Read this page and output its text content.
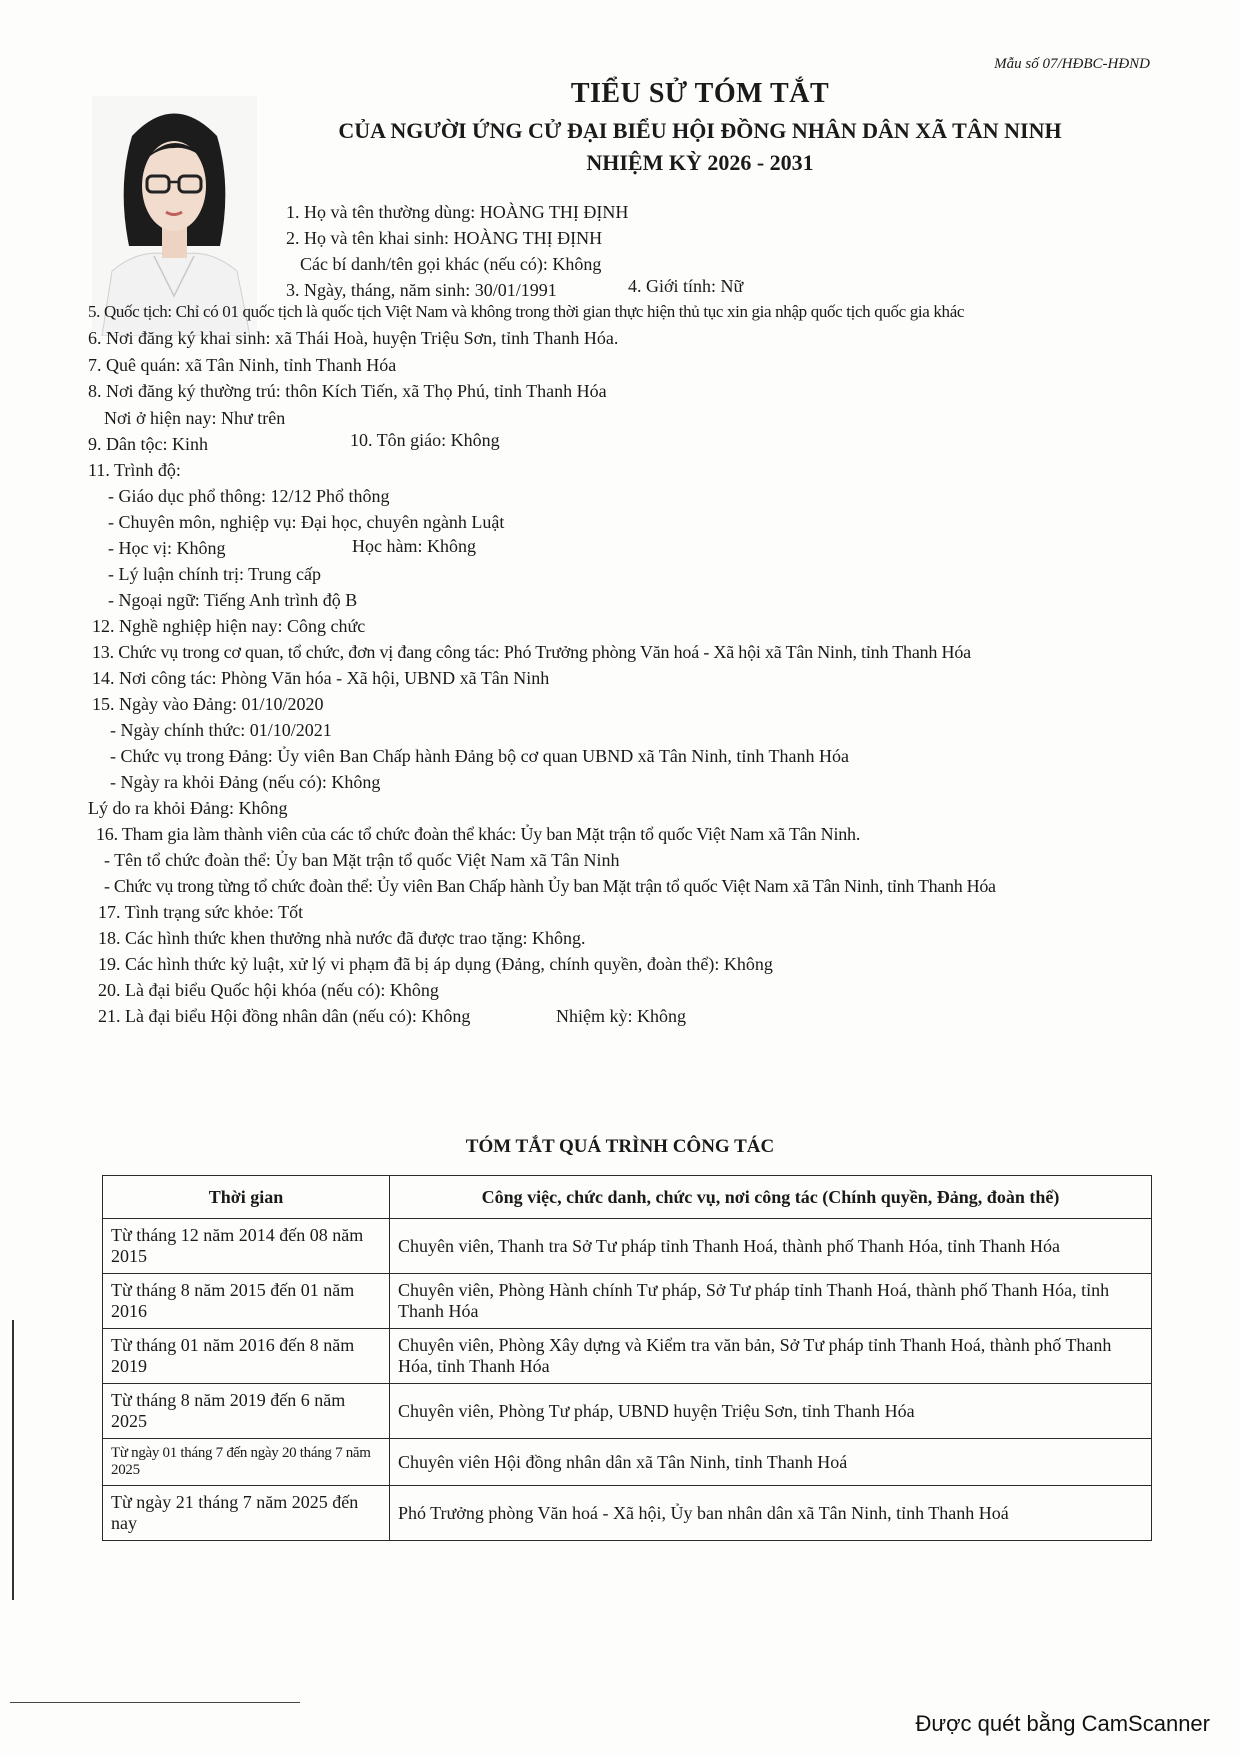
Mẫu số 07/HĐBC-HĐND
TIỂU SỬ TÓM TẮT
CỦA NGƯỜI ỨNG CỬ ĐẠI BIỂU HỘI ĐỒNG NHÂN DÂN XÃ TÂN NINH
NHIỆM KỲ 2026 - 2031
1. Họ và tên thường dùng: HOÀNG THỊ ĐỊNH
2. Họ và tên khai sinh: HOÀNG THỊ ĐỊNH
Các bí danh/tên gọi khác (nếu có): Không
3. Ngày, tháng, năm sinh: 30/01/1991	4. Giới tính: Nữ
5. Quốc tịch: Chỉ có 01 quốc tịch là quốc tịch Việt Nam và không trong thời gian thực hiện thủ tục xin gia nhập quốc tịch quốc gia khác
6. Nơi đăng ký khai sinh: xã Thái Hoà, huyện Triệu Sơn, tỉnh Thanh Hóa.
7. Quê quán: xã Tân Ninh, tỉnh Thanh Hóa
8. Nơi đăng ký thường trú: thôn Kích Tiến, xã Thọ Phú, tỉnh Thanh Hóa
Nơi ở hiện nay: Như trên
9. Dân tộc: Kinh	10. Tôn giáo: Không
11. Trình độ:
- Giáo dục phổ thông: 12/12 Phổ thông
- Chuyên môn, nghiệp vụ: Đại học, chuyên ngành Luật
- Học vị: Không	Học hàm: Không
- Lý luận chính trị: Trung cấp
- Ngoại ngữ: Tiếng Anh trình độ B
12. Nghề nghiệp hiện nay: Công chức
13. Chức vụ trong cơ quan, tổ chức, đơn vị đang công tác: Phó Trưởng phòng Văn hoá - Xã hội xã Tân Ninh, tỉnh Thanh Hóa
14. Nơi công tác: Phòng Văn hóa - Xã hội, UBND xã Tân Ninh
15. Ngày vào Đảng: 01/10/2020
- Ngày chính thức: 01/10/2021
- Chức vụ trong Đảng: Ủy viên Ban Chấp hành Đảng bộ cơ quan UBND xã Tân Ninh, tỉnh Thanh Hóa
- Ngày ra khỏi Đảng (nếu có): Không
Lý do ra khỏi Đảng: Không
16. Tham gia làm thành viên của các tổ chức đoàn thể khác: Ủy ban Mặt trận tổ quốc Việt Nam xã Tân Ninh.
- Tên tổ chức đoàn thể: Ủy ban Mặt trận tổ quốc Việt Nam xã Tân Ninh
- Chức vụ trong từng tổ chức đoàn thể: Ủy viên Ban Chấp hành Ủy ban Mặt trận tổ quốc Việt Nam xã Tân Ninh, tỉnh Thanh Hóa
17. Tình trạng sức khỏe: Tốt
18. Các hình thức khen thưởng nhà nước đã được trao tặng: Không.
19. Các hình thức kỷ luật, xử lý vi phạm đã bị áp dụng (Đảng, chính quyền, đoàn thể): Không
20. Là đại biểu Quốc hội khóa (nếu có): Không
21. Là đại biểu Hội đồng nhân dân (nếu có): Không	Nhiệm kỳ: Không
TÓM TẮT QUÁ TRÌNH CÔNG TÁC
Thời gian	Công việc, chức danh, chức vụ, nơi công tác (Chính quyền, Đảng, đoàn thể)
Từ tháng 12 năm 2014 đến 08 năm 2015	Chuyên viên, Thanh tra Sở Tư pháp tỉnh Thanh Hoá, thành phố Thanh Hóa, tỉnh Thanh Hóa
Từ tháng 8 năm 2015 đến 01 năm 2016	Chuyên viên, Phòng Hành chính Tư pháp, Sở Tư pháp tỉnh Thanh Hoá, thành phố Thanh Hóa, tỉnh Thanh Hóa
Từ tháng 01 năm 2016 đến 8 năm 2019	Chuyên viên, Phòng Xây dựng và Kiểm tra văn bản, Sở Tư pháp tỉnh Thanh Hoá, thành phố Thanh Hóa, tỉnh Thanh Hóa
Từ tháng 8 năm 2019 đến 6 năm 2025	Chuyên viên, Phòng Tư pháp, UBND huyện Triệu Sơn, tỉnh Thanh Hóa
Từ ngày 01 tháng 7 đến ngày 20 tháng 7 năm 2025	Chuyên viên Hội đồng nhân dân xã Tân Ninh, tỉnh Thanh Hoá
Từ ngày 21 tháng 7 năm 2025 đến nay	Phó Trưởng phòng Văn hoá - Xã hội, Ủy ban nhân dân xã Tân Ninh, tỉnh Thanh Hoá
Được quét bằng CamScanner
